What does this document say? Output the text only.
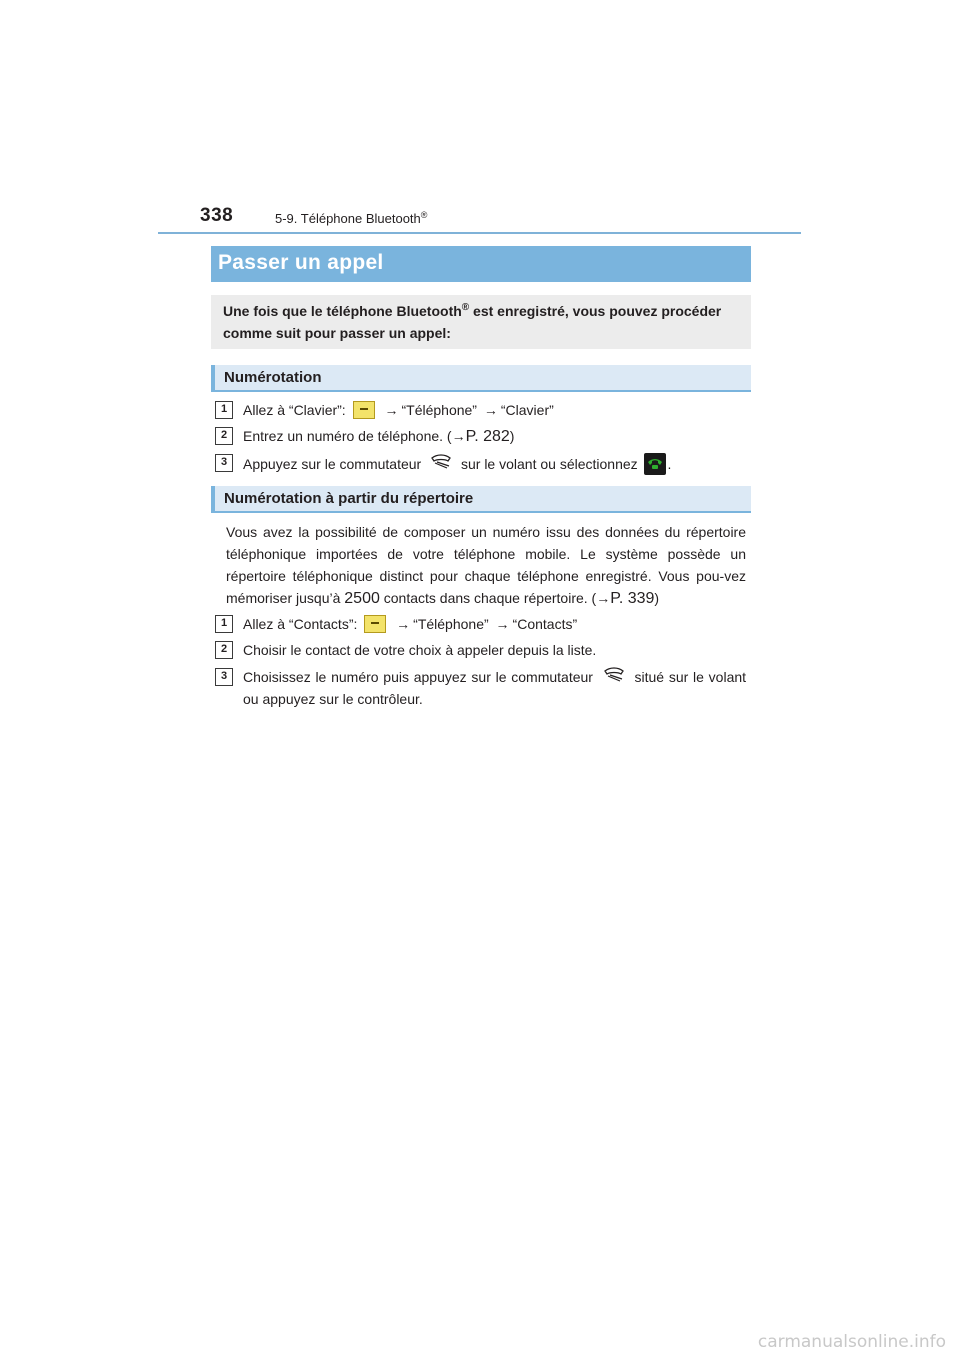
338	5-9. Téléphone Bluetooth®
Passer un appel
Une fois que le téléphone Bluetooth® est enregistré, vous pouvez procéder comme suit pour passer un appel:
Numérotation
1	Allez à “Clavier”:	→ “Téléphone” → “Clavier”
2	Entrez un numéro de téléphone. (→P. 282)
3	Appuyez sur le commutateur	sur le volant ou sélectionnez .
Numérotation à partir du répertoire
Vous avez la possibilité de composer un numéro issu des données du répertoire téléphonique importées de votre téléphone mobile. Le système possède un répertoire téléphonique distinct pour chaque téléphone enregistré. Vous pou-vez mémoriser jusqu’à 2500 contacts dans chaque répertoire. (→P. 339)
1	Allez à “Contacts”:	→ “Téléphone” → “Contacts”
2	Choisir le contact de votre choix à appeler depuis la liste.
3	Choisissez le numéro puis appuyez sur le commutateur	situé sur le volant ou appuyez sur le contrôleur.
carmanualsonline.info
